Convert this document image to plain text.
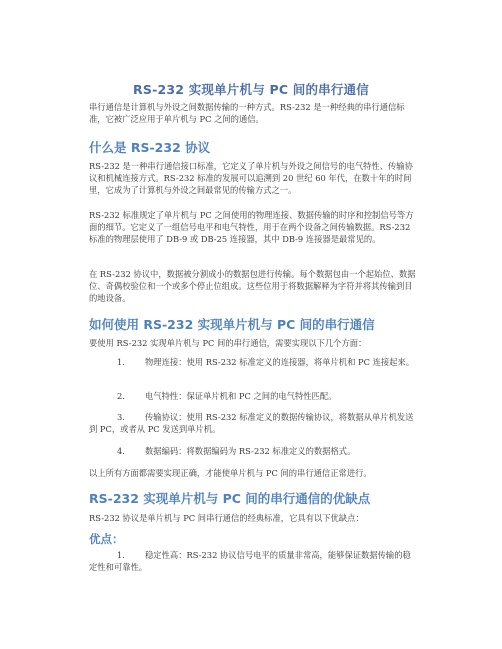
RS-232 实现单片机与 PC 间的串行通信

串行通信是计算机与外设之间数据传输的一种方式。RS-232 是一种经典的串行通信标准，它被广泛应用于单片机与 PC 之间的通信。

什么是 RS-232 协议

RS-232 是一种串行通信接口标准，它定义了单片机与外设之间信号的电气特性、传输协议和机械连接方式。RS-232 标准的发展可以追溯到 20 世纪 60 年代，在数十年的时间里，它成为了计算机与外设之间最常见的传输方式之一。

RS-232 标准规定了单片机与 PC 之间使用的物理连接、数据传输的时序和控制信号等方面的细节。它定义了一组信号电平和电气特性，用于在两个设备之间传输数据。RS-232 标准的物理层使用了 DB-9 或 DB-25 连接器，其中 DB-9 连接器是最常见的。

在 RS-232 协议中，数据被分割成小的数据包进行传输。每个数据包由一个起始位、数据位、奇偶校验位和一个或多个停止位组成。这些位用于将数据解释为字符并将其传输到目的地设备。

如何使用 RS-232 实现单片机与 PC 间的串行通信

要使用 RS-232 实现单片机与 PC 间的串行通信，需要实现以下几个方面：

1. 物理连接：使用 RS-232 标准定义的连接器，将单片机和 PC 连接起来。
2. 电气特性：保证单片机和 PC 之间的电气特性匹配。
3. 传输协议：使用 RS-232 标准定义的数据传输协议，将数据从单片机发送到 PC，或者从 PC 发送到单片机。
4. 数据编码：将数据编码为 RS-232 标准定义的数据格式。

以上所有方面都需要实现正确，才能使单片机与 PC 间的串行通信正常进行。

RS-232 实现单片机与 PC 间的串行通信的优缺点

RS-232 协议是单片机与 PC 间串行通信的经典标准，它具有以下优缺点：

优点：
1. 稳定性高：RS-232 协议信号电平的质量非常高，能够保证数据传输的稳定性和可靠性。
